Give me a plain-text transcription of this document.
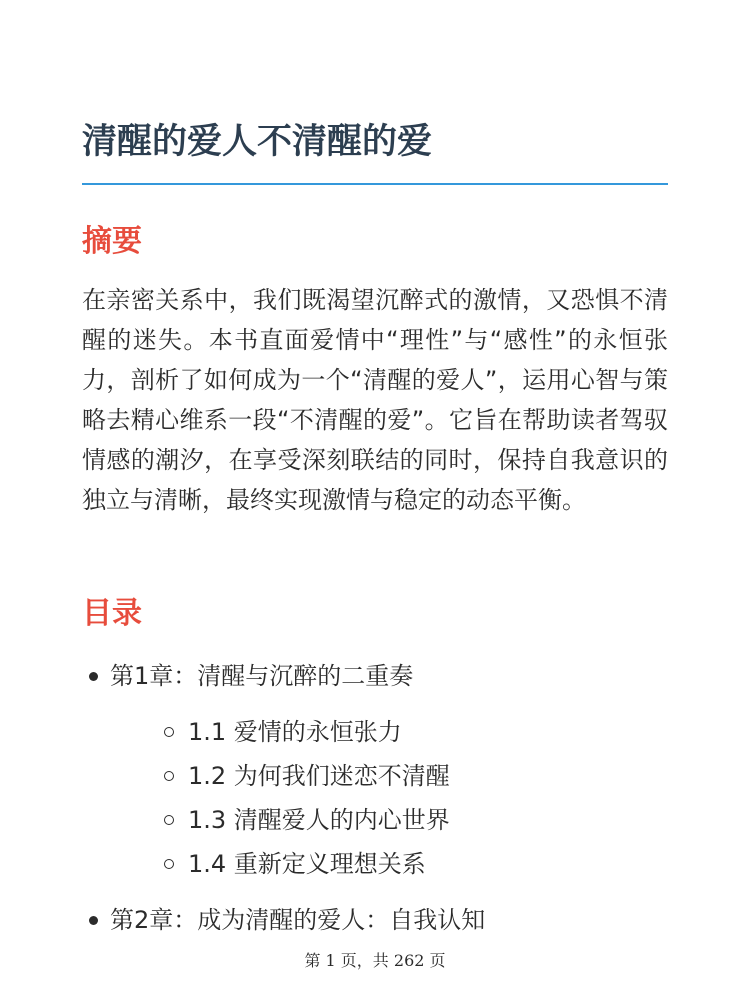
清醒的爱人不清醒的爱
摘要

在亲密关系中，我们既渴望沉醉式的激情，又恐惧不清醒的迷失。本书直面爱情中“理性”与“感性”的永恒张力，剖析了如何成为一个“清醒的爱人”，运用心智与策略去精心维系一段“不清醒的爱”。它旨在帮助读者驾驭情感的潮汐，在享受深刻联结的同时，保持自我意识的独立与清晰，最终实现激情与稳定的动态平衡。

目录
第1章：清醒与沉醉的二重奏
1.1 爱情的永恒张力
1.2 为何我们迷恋不清醒
1.3 清醒爱人的内心世界
1.4 重新定义理想关系
第2章：成为清醒的爱人：自我认知
第 1 页，共 262 页
